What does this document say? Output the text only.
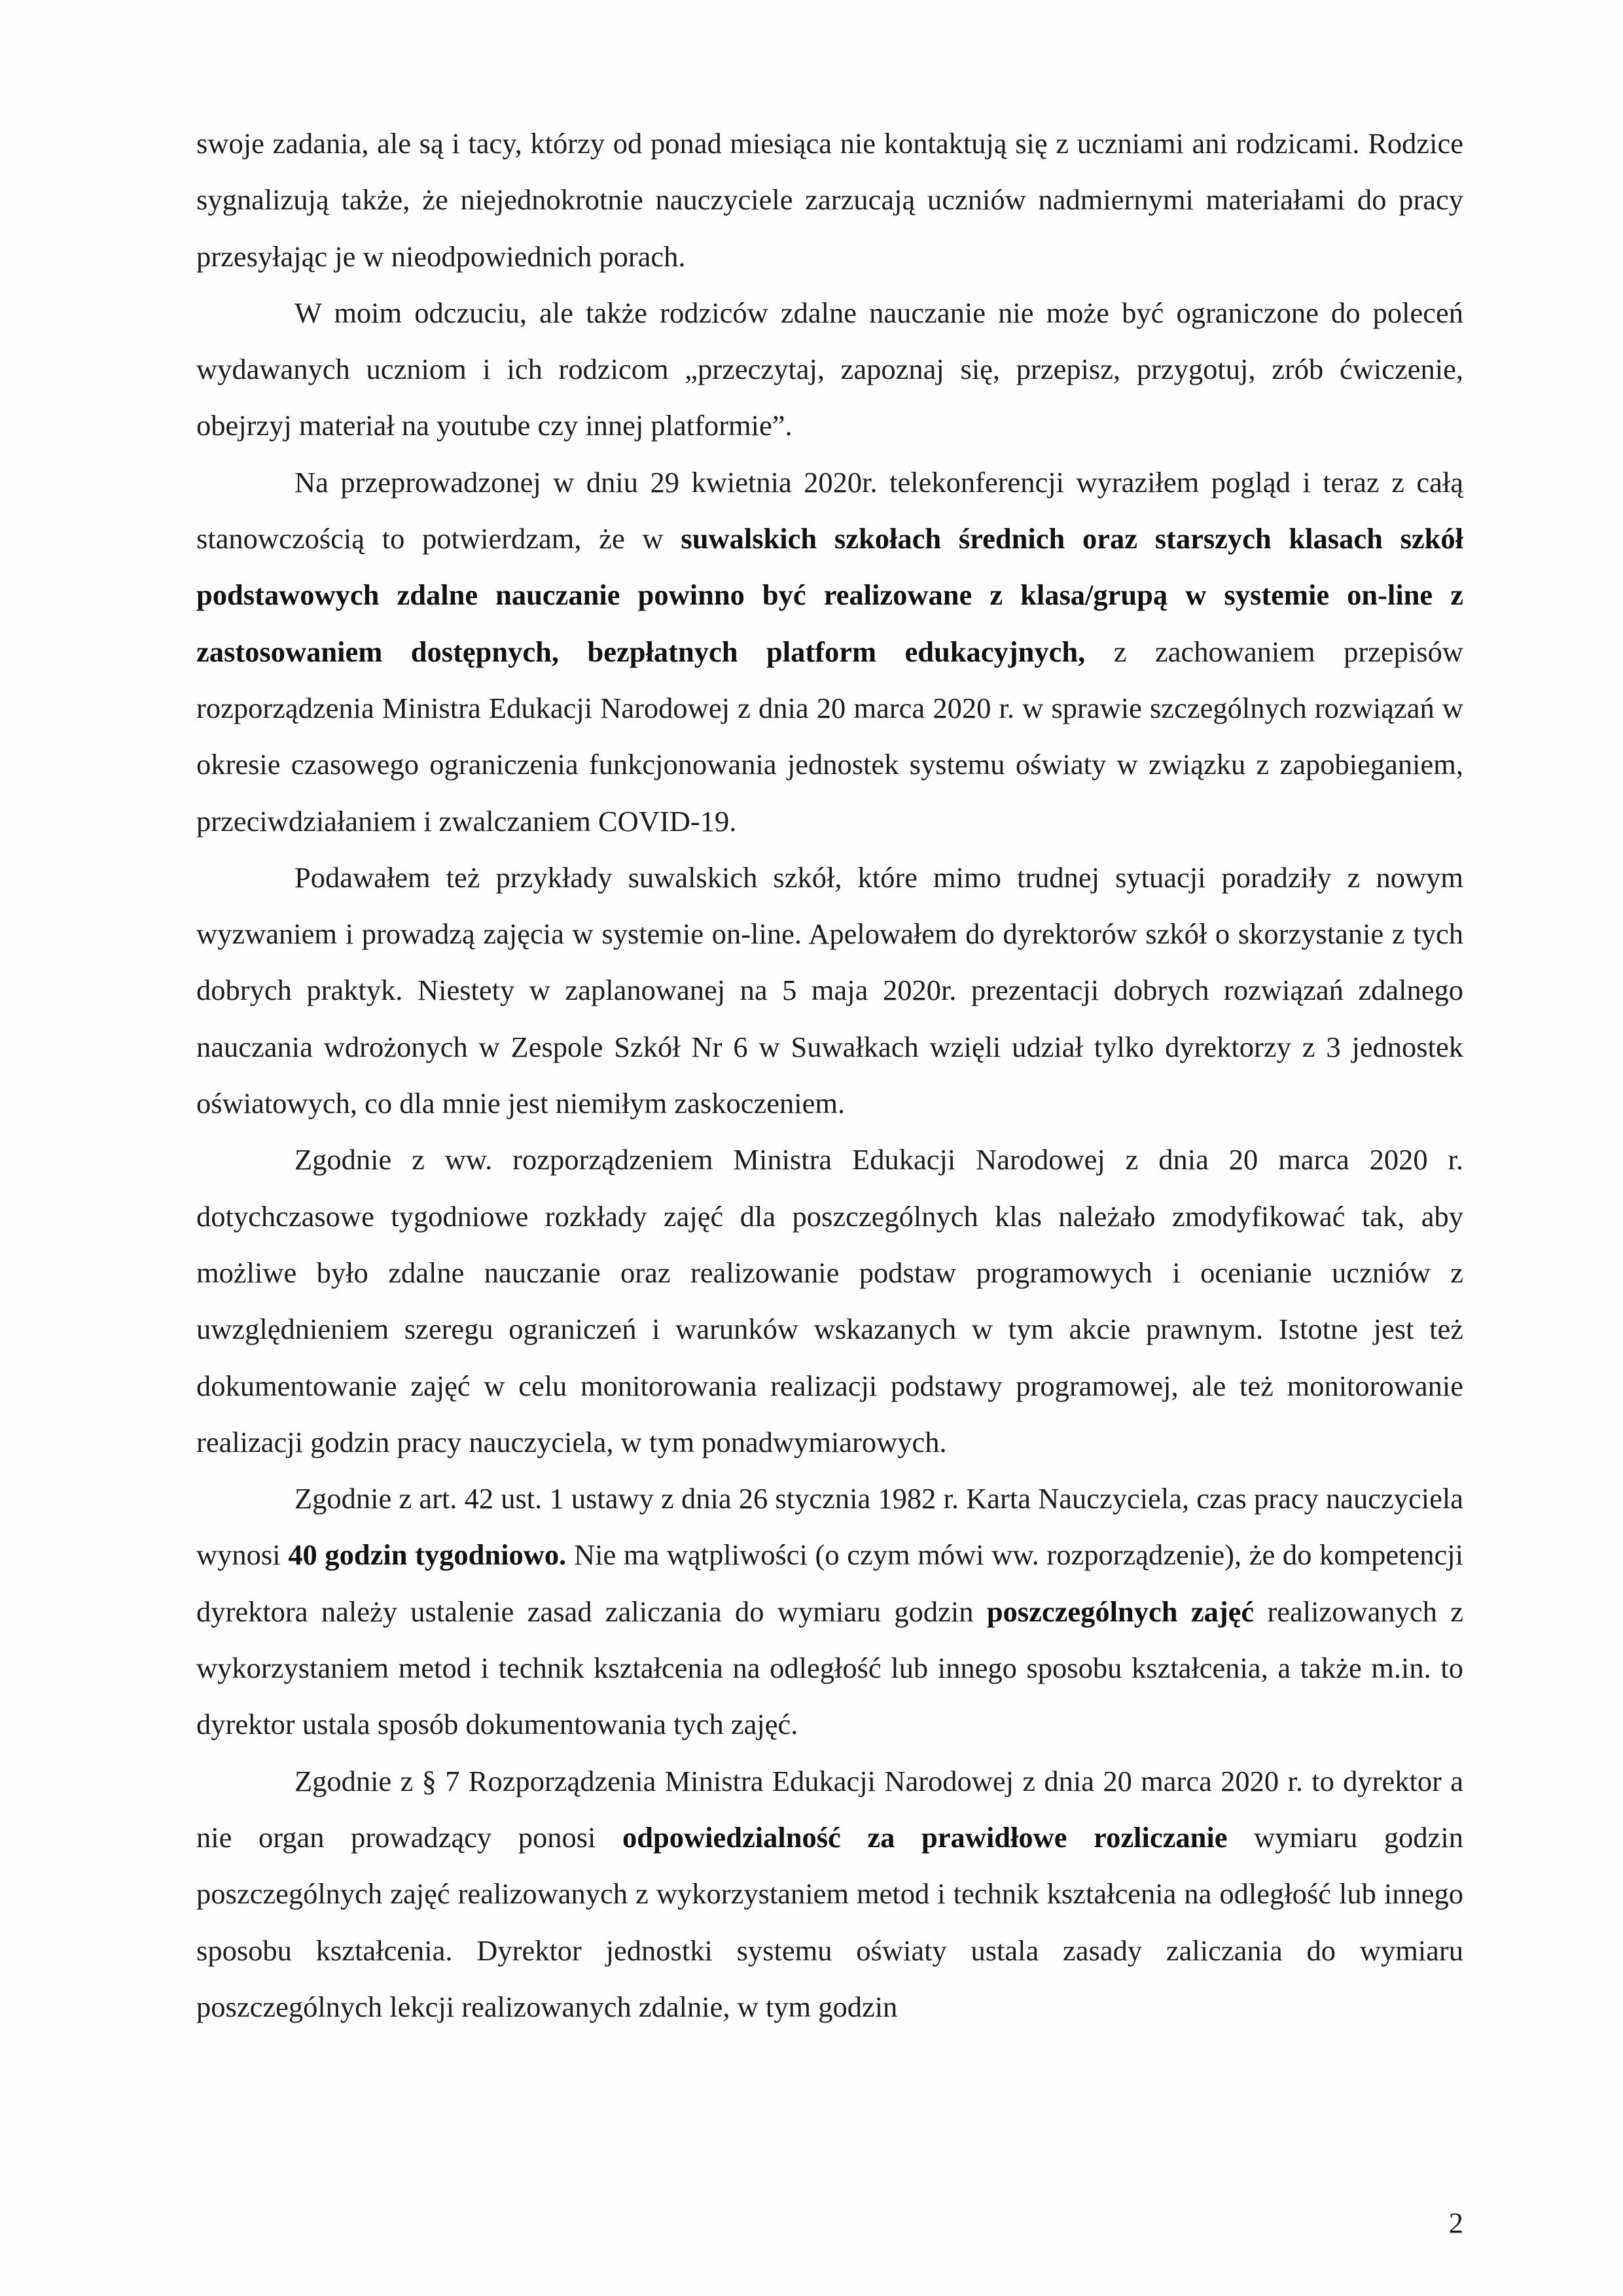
swoje zadania, ale są i tacy, którzy od ponad miesiąca nie kontaktują się z uczniami ani rodzicami. Rodzice sygnalizują także, że niejednokrotnie nauczyciele zarzucają uczniów nadmiernymi materiałami do pracy przesyłając je w nieodpowiednich porach.

W moim odczuciu, ale także rodziców zdalne nauczanie nie może być ograniczone do poleceń wydawanych uczniom i ich rodzicom „przeczytaj, zapoznaj się, przepisz, przygotuj, zrób ćwiczenie, obejrzyj materiał na youtube czy innej platformie”.

Na przeprowadzonej w dniu 29 kwietnia 2020r. telekonferencji wyraziłem pogląd i teraz z całą stanowczością to potwierdzam, że w suwalskich szkołach średnich oraz starszych klasach szkół podstawowych zdalne nauczanie powinno być realizowane z klasa/grupą w systemie on-line z zastosowaniem dostępnych, bezpłatnych platform edukacyjnych, z zachowaniem przepisów rozporządzenia Ministra Edukacji Narodowej z dnia 20 marca 2020 r. w sprawie szczególnych rozwiązań w okresie czasowego ograniczenia funkcjonowania jednostek systemu oświaty w związku z zapobieganiem, przeciwdziałaniem i zwalczaniem COVID-19.

Podawałem też przykłady suwalskich szkół, które mimo trudnej sytuacji poradziły z nowym wyzwaniem i prowadzą zajęcia w systemie on-line. Apelowałem do dyrektorów szkół o skorzystanie z tych dobrych praktyk. Niestety w zaplanowanej na 5 maja 2020r. prezentacji dobrych rozwiązań zdalnego nauczania wdrożonych w Zespole Szkół Nr 6 w Suwałkach wzięli udział tylko dyrektorzy z 3 jednostek oświatowych, co dla mnie jest niemiłym zaskoczeniem.

Zgodnie z ww. rozporządzeniem Ministra Edukacji Narodowej z dnia 20 marca 2020 r. dotychczasowe tygodniowe rozkłady zajęć dla poszczególnych klas należało zmodyfikować tak, aby możliwe było zdalne nauczanie oraz realizowanie podstaw programowych i ocenianie uczniów z uwzględnieniem szeregu ograniczeń i warunków wskazanych w tym akcie prawnym. Istotne jest też dokumentowanie zajęć w celu monitorowania realizacji podstawy programowej, ale też monitorowanie realizacji godzin pracy nauczyciela, w tym ponadwymiarowych.

Zgodnie z art. 42 ust. 1 ustawy z dnia 26 stycznia 1982 r. Karta Nauczyciela, czas pracy nauczyciela wynosi 40 godzin tygodniowo. Nie ma wątpliwości (o czym mówi ww. rozporządzenie), że do kompetencji dyrektora należy ustalenie zasad zaliczania do wymiaru godzin poszczególnych zajęć realizowanych z wykorzystaniem metod i technik kształcenia na odległość lub innego sposobu kształcenia, a także m.in. to dyrektor ustala sposób dokumentowania tych zajęć.

Zgodnie z § 7 Rozporządzenia Ministra Edukacji Narodowej z dnia 20 marca 2020 r. to dyrektor a nie organ prowadzący ponosi odpowiedzialność za prawidłowe rozliczanie wymiaru godzin poszczególnych zajęć realizowanych z wykorzystaniem metod i technik kształcenia na odległość lub innego sposobu kształcenia. Dyrektor jednostki systemu oświaty ustala zasady zaliczania do wymiaru poszczególnych lekcji realizowanych zdalnie, w tym godzin

2
